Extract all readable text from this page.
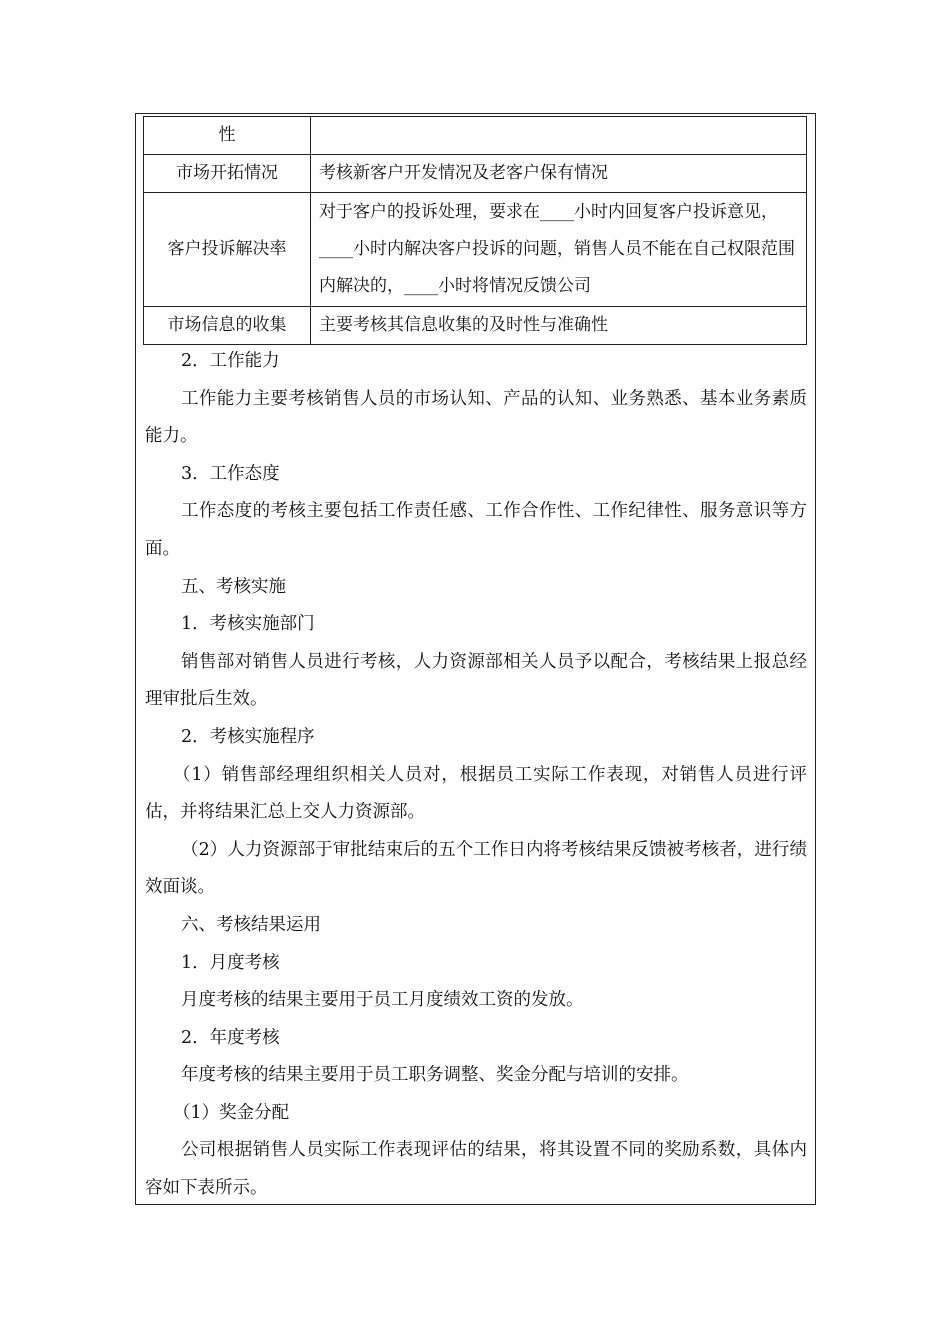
性	
市场开拓情况	考核新客户开发情况及老客户保有情况
客户投诉解决率	对于客户的投诉处理，要求在____小时内回复客户投诉意见，____小时内解决客户投诉的问题，销售人员不能在自己权限范围内解决的，____小时将情况反馈公司
市场信息的收集	主要考核其信息收集的及时性与准确性

2．工作能力

工作能力主要考核销售人员的市场认知、产品的认知、业务熟悉、基本业务素质能力。

3．工作态度

工作态度的考核主要包括工作责任感、工作合作性、工作纪律性、服务意识等方面。

五、考核实施

1．考核实施部门

销售部对销售人员进行考核，人力资源部相关人员予以配合，考核结果上报总经理审批后生效。

2．考核实施程序

（1）销售部经理组织相关人员对，根据员工实际工作表现，对销售人员进行评估，并将结果汇总上交人力资源部。

（2）人力资源部于审批结束后的五个工作日内将考核结果反馈被考核者，进行绩效面谈。

六、考核结果运用

1．月度考核

月度考核的结果主要用于员工月度绩效工资的发放。

2．年度考核

年度考核的结果主要用于员工职务调整、奖金分配与培训的安排。

（1）奖金分配

公司根据销售人员实际工作表现评估的结果，将其设置不同的奖励系数，具体内容如下表所示。
